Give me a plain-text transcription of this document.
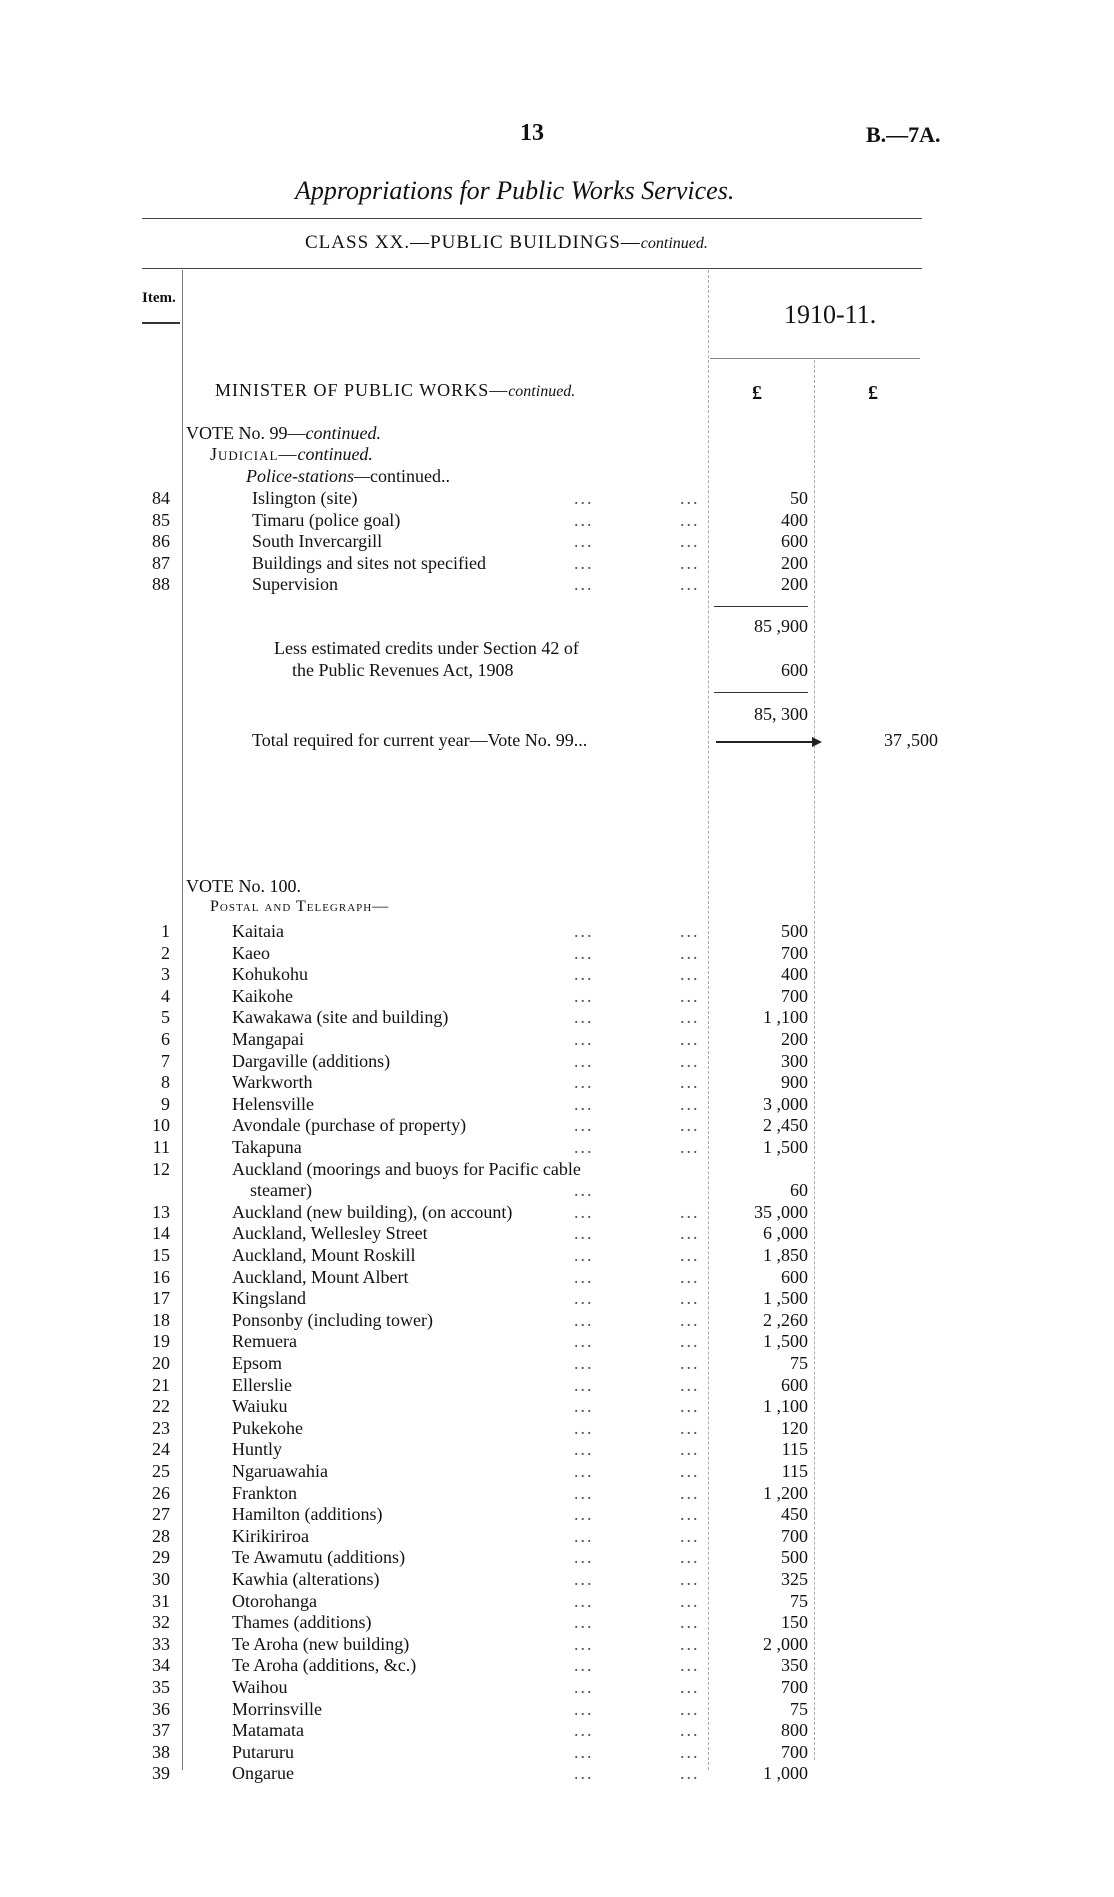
13	B.—7A.
Appropriations for Public Works Services.
CLASS XX.—PUBLIC BUILDINGS—continued.
Item.
1910-11.
MINISTER OF PUBLIC WORKS—continued.	£	£
VOTE No. 99—continued.
Judicial—continued.
Police-stations—continued..
84	Islington (site)	...	...	50
85	Timaru (police goal)	...	...	400
86	South Invercargill	...	...	600
87	Buildings and sites not specified	...	...	200
88	Supervision	...	...	200
85 ,900
Less estimated credits under Section 42 of
the Public Revenues Act, 1908	600
85, 300
Total required for current year—Vote No. 99...	37 ,500
VOTE No. 100.
Postal and Telegraph—
1	Kaitaia	...	...	500
2	Kaeo	...	...	700
3	Kohukohu	...	...	400
4	Kaikohe	...	...	700
5	Kawakawa (site and building)	...	...	1 ,100
6	Mangapai	...	...	200
7	Dargaville (additions)	...	...	300
8	Warkworth	...	...	900
9	Helensville	...	...	3 ,000
10	Avondale (purchase of property)	...	...	2 ,450
11	Takapuna	...	...	1 ,500
12	Auckland (moorings and buoys for Pacific cable
steamer)	...	60
13	Auckland (new building), (on account)	...	...	35 ,000
14	Auckland, Wellesley Street	...	...	6 ,000
15	Auckland, Mount Roskill	...	...	1 ,850
16	Auckland, Mount Albert	...	...	600
17	Kingsland	...	...	1 ,500
18	Ponsonby (including tower)	...	...	2 ,260
19	Remuera	...	...	1 ,500
20	Epsom	...	...	75
21	Ellerslie	...	...	600
22	Waiuku	...	...	1 ,100
23	Pukekohe	...	...	120
24	Huntly	...	...	115
25	Ngaruawahia	...	...	115
26	Frankton	...	...	1 ,200
27	Hamilton (additions)	...	...	450
28	Kirikiriroa	...	...	700
29	Te Awamutu (additions)	...	...	500
30	Kawhia (alterations)	...	...	325
31	Otorohanga	...	...	75
32	Thames (additions)	...	...	150
33	Te Aroha (new building)	...	...	2 ,000
34	Te Aroha (additions, &c.)	...	...	350
35	Waihou	...	...	700
36	Morrinsville	...	...	75
37	Matamata	...	...	800
38	Putaruru	...	...	700
39	Ongarue	...	...	1 ,000
